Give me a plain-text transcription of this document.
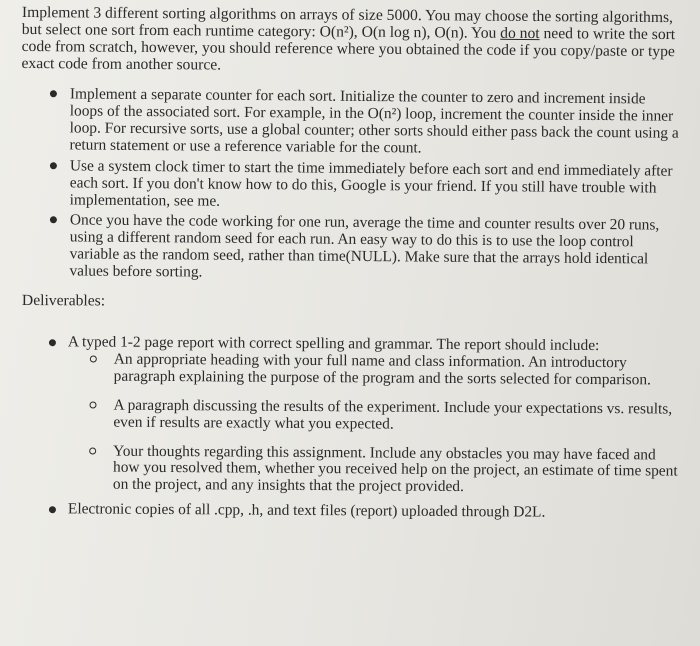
Implement 3 different sorting algorithms on arrays of size 5000. You may choose the sorting algorithms, but select one sort from each runtime category: O(n²), O(n log n), O(n). You do not need to write the sort code from scratch, however, you should reference where you obtained the code if you copy/paste or type exact code from another source.

Implement a separate counter for each sort. Initialize the counter to zero and increment inside loops of the associated sort. For example, in the O(n²) loop, increment the counter inside the inner loop. For recursive sorts, use a global counter; other sorts should either pass back the count using a return statement or use a reference variable for the count.
Use a system clock timer to start the time immediately before each sort and end immediately after each sort. If you don't know how to do this, Google is your friend. If you still have trouble with implementation, see me.
Once you have the code working for one run, average the time and counter results over 20 runs, using a different random seed for each run. An easy way to do this is to use the loop control variable as the random seed, rather than time(NULL). Make sure that the arrays hold identical values before sorting.
Deliverables:
A typed 1-2 page report with correct spelling and grammar. The report should include:
An appropriate heading with your full name and class information. An introductory paragraph explaining the purpose of the program and the sorts selected for comparison.
A paragraph discussing the results of the experiment. Include your expectations vs. results, even if results are exactly what you expected.
Your thoughts regarding this assignment. Include any obstacles you may have faced and how you resolved them, whether you received help on the project, an estimate of time spent on the project, and any insights that the project provided.
Electronic copies of all .cpp, .h, and text files (report) uploaded through D2L.
